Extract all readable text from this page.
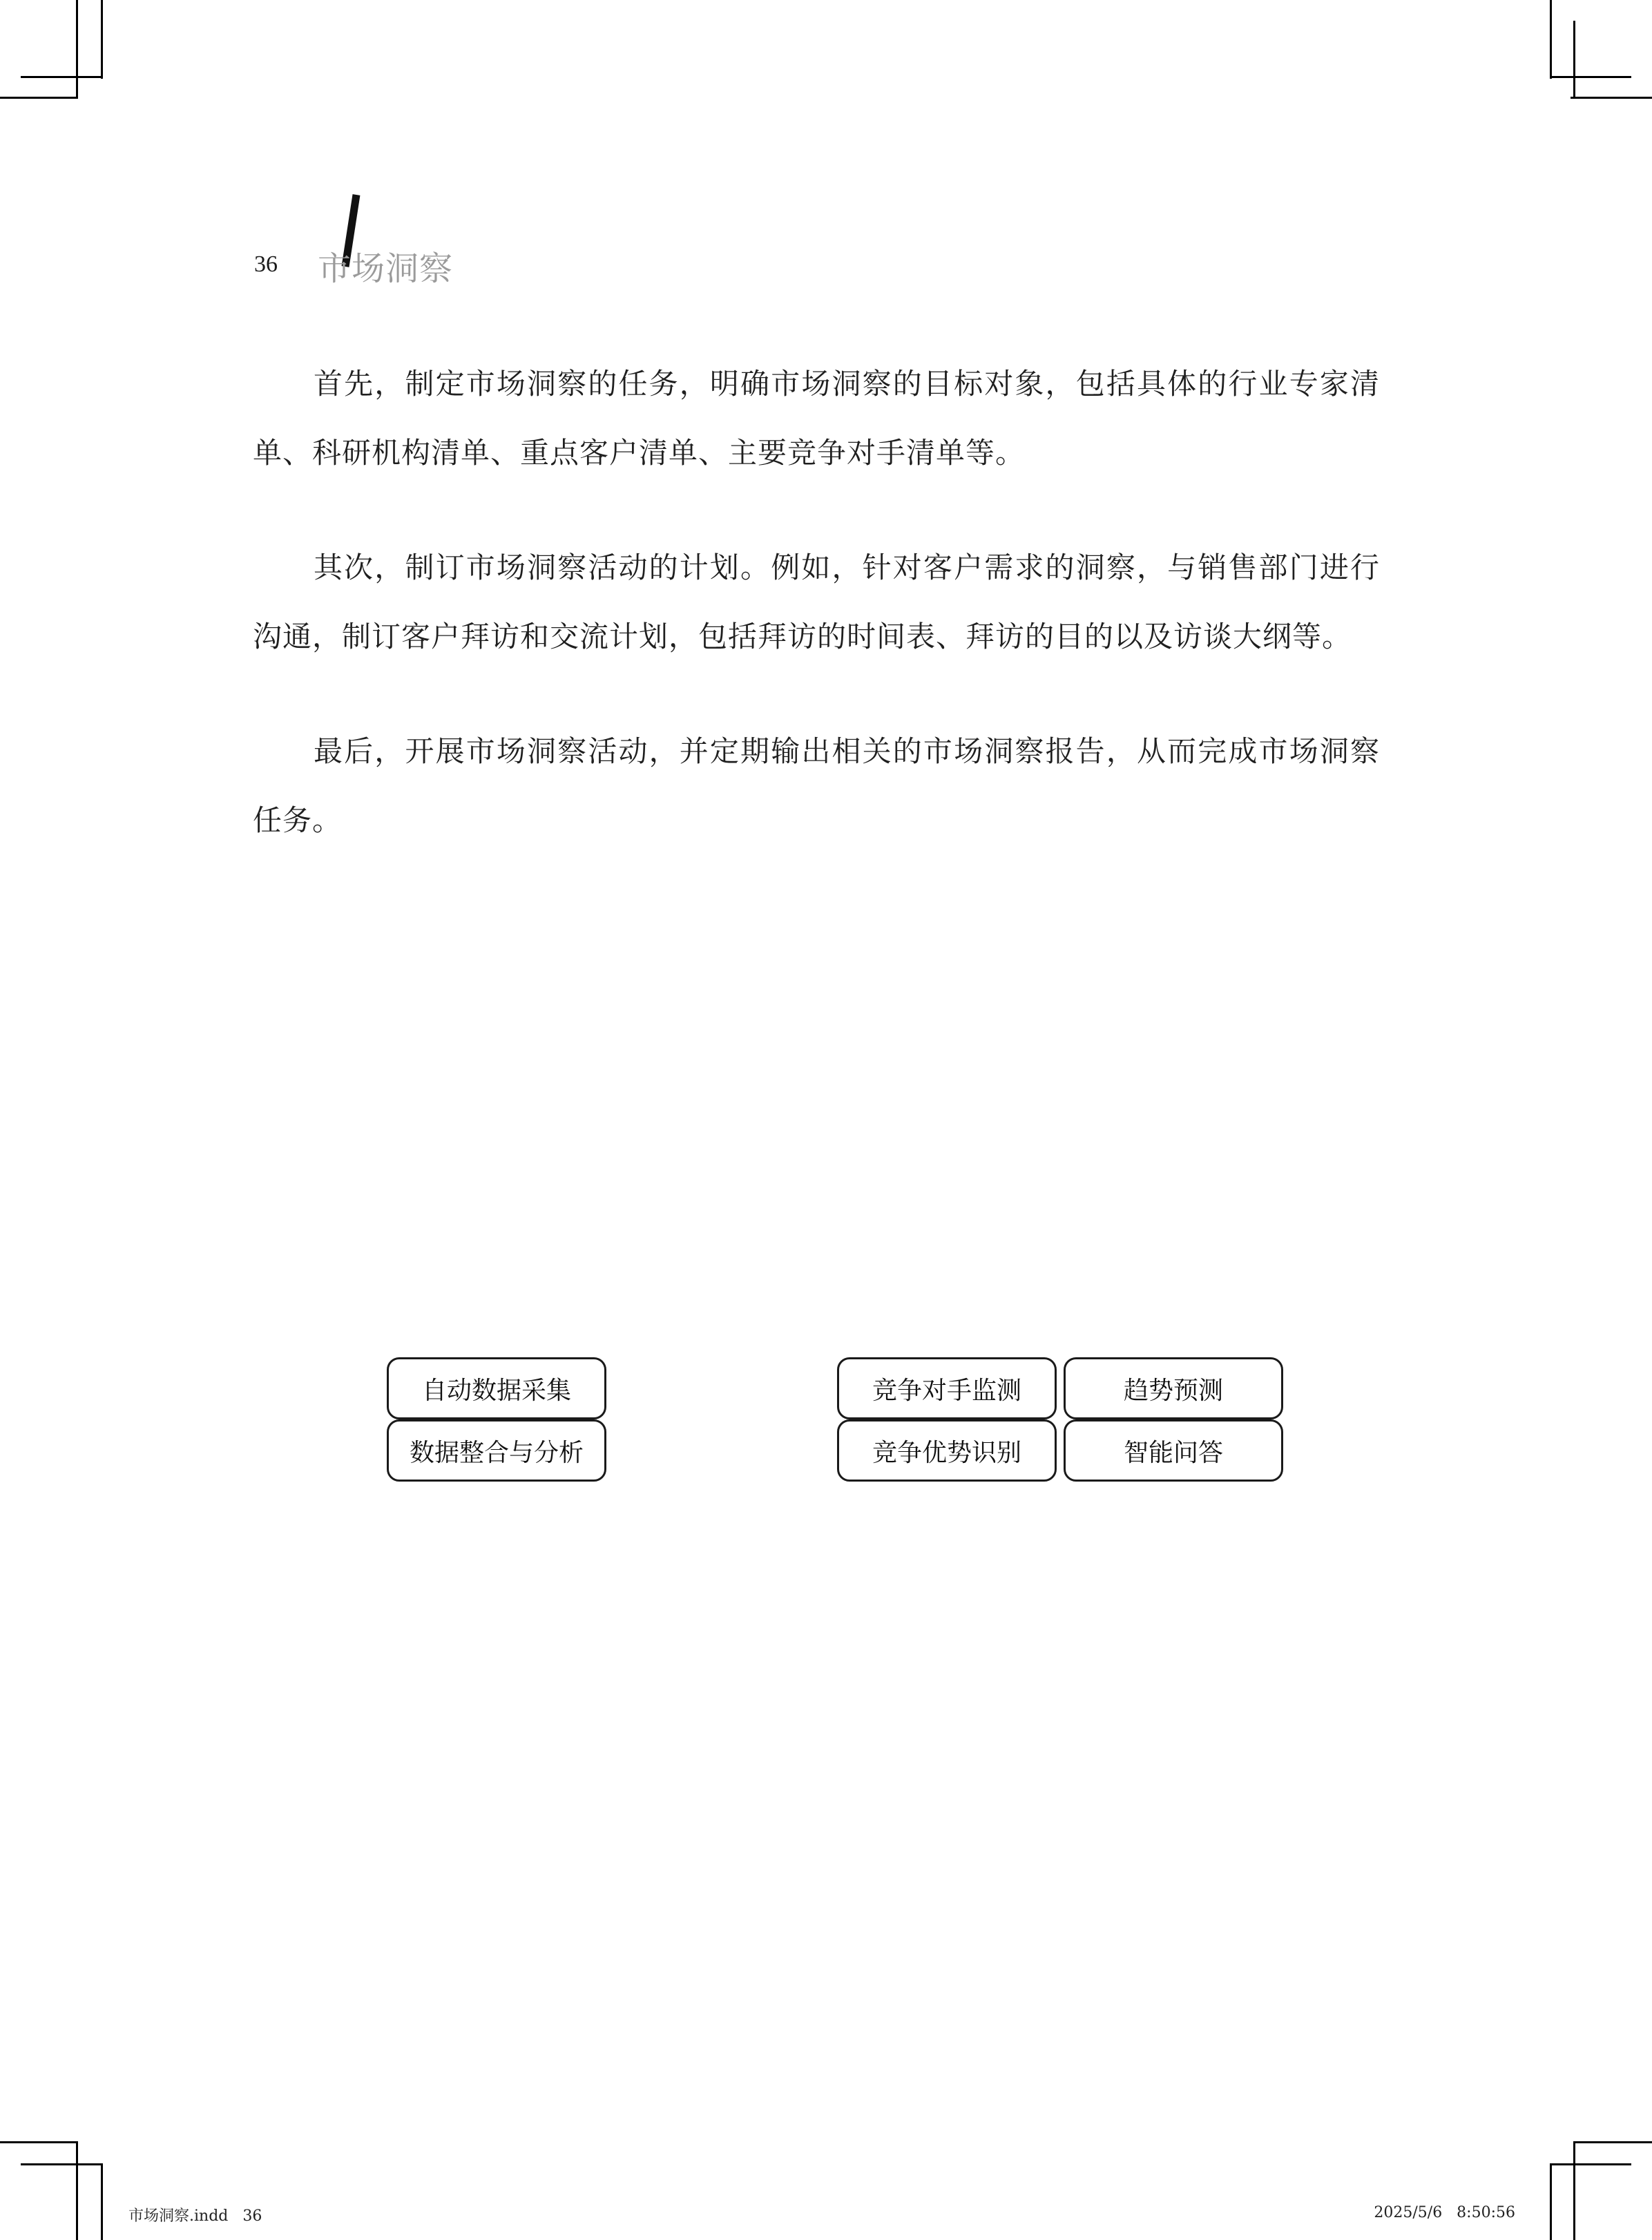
36 市场洞察

首先，制定市场洞察的任务，明确市场洞察的目标对象，包括具体的行业专家清单、科研机构清单、重点客户清单、主要竞争对手清单等。

其次，制订市场洞察活动的计划。例如，针对客户需求的洞察，与销售部门进行沟通，制订客户拜访和交流计划，包括拜访的时间表、拜访的目的以及访谈大纲等。

最后，开展市场洞察活动，并定期输出相关的市场洞察报告，从而完成市场洞察任务。

自动数据采集
数据整合与分析
竞争对手监测	趋势预测
竞争优势识别	智能问答
市场洞察.indd   36	2025/5/6   8:50:56
